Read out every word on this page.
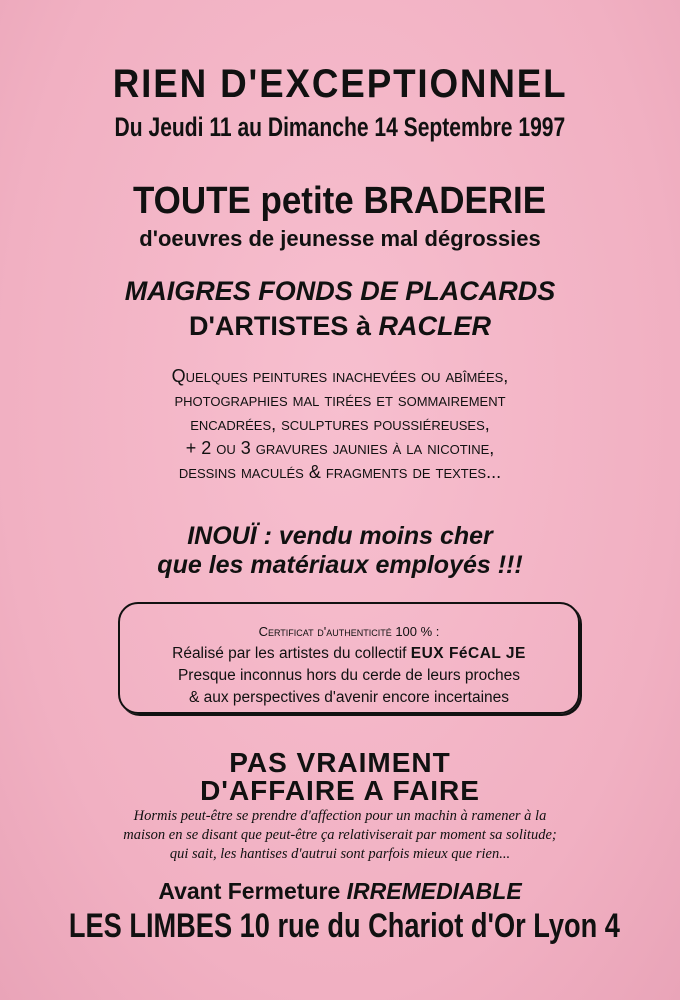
RIEN D'EXCEPTIONNEL
Du Jeudi 11 au Dimanche 14 Septembre 1997
TOUTE petite BRADERIE
d'oeuvres de jeunesse mal dégrossies
MAIGRES FONDS DE PLACARDS
D'ARTISTES à RACLER
Quelques peintures inachevées ou abîmées,
photographies mal tirées et sommairement
encadrées, sculptures poussiéreuses,
+ 2 ou 3 gravures jaunies à la nicotine,
dessins maculés & fragments de textes...
INOUÏ : vendu moins cher
que les matériaux employés !!!
Certificat d'authenticité 100 % :
Réalisé par les artistes du collectif EUX FéCAL JE
Presque inconnus hors du cerde de leurs proches
& aux perspectives d'avenir encore incertaines
PAS VRAIMENT
D'AFFAIRE A FAIRE
Hormis peut-être se prendre d'affection pour un machin à ramener à la
maison en se disant que peut-être ça relativiserait par moment sa solitude;
qui sait, les hantises d'autrui sont parfois mieux que rien...
Avant Fermeture IRREMEDIABLE
LES LIMBES 10 rue du Chariot d'Or Lyon 4
